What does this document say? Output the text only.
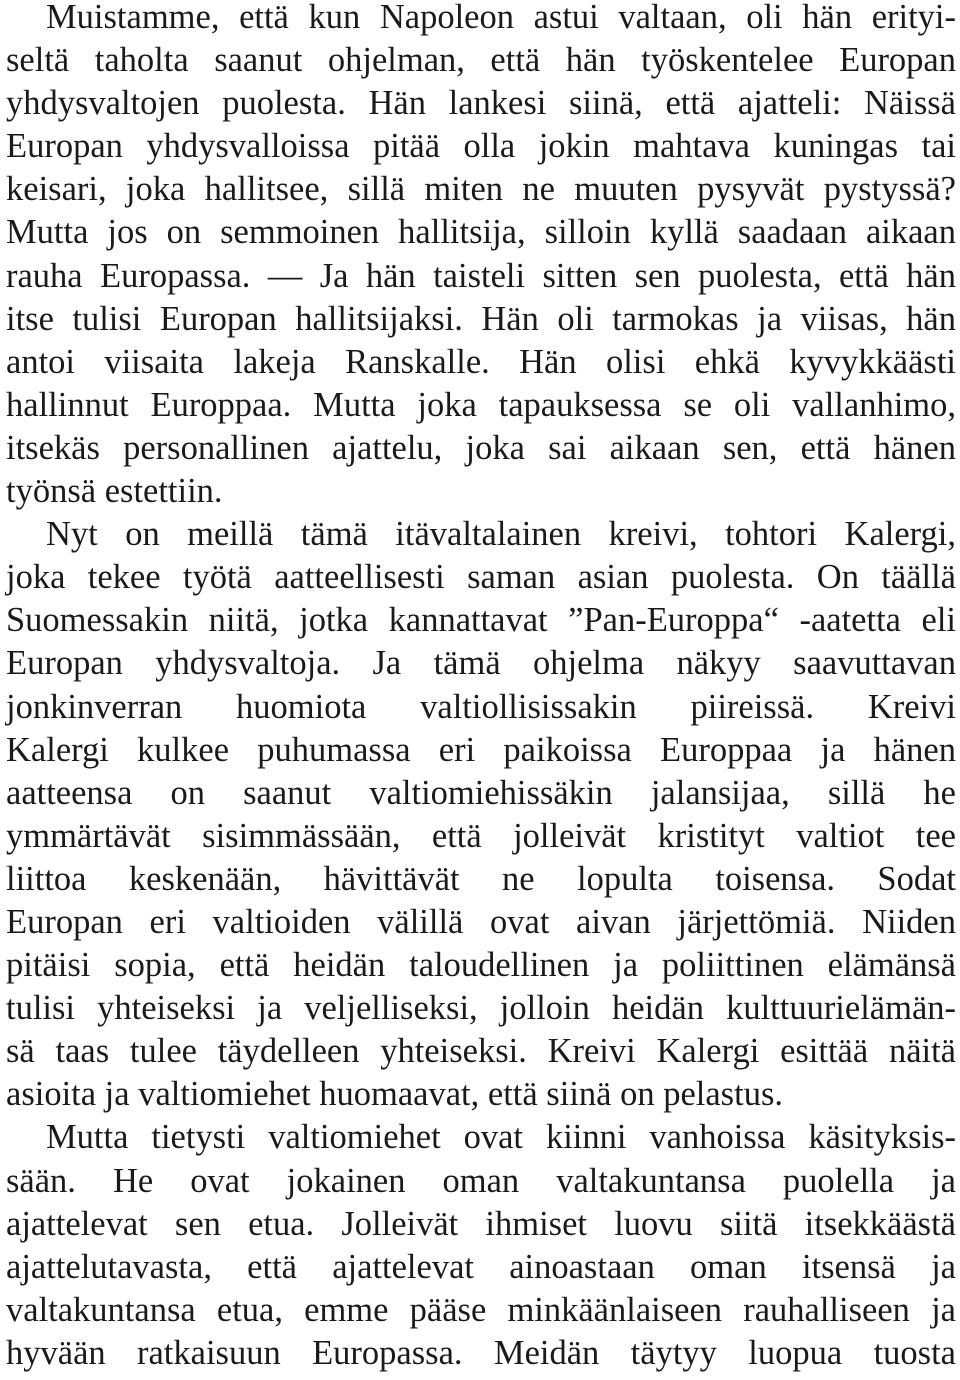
Muistamme, että kun Napoleon astui valtaan, oli hän erityi-
seltä taholta saanut ohjelman, että hän työskentelee Europan
yhdysvaltojen puolesta. Hän lankesi siinä, että ajatteli: Näissä
Europan yhdysvalloissa pitää olla jokin mahtava kuningas tai
keisari, joka hallitsee, sillä miten ne muuten pysyvät pystyssä?
Mutta jos on semmoinen hallitsija, silloin kyllä saadaan aikaan
rauha Europassa. — Ja hän taisteli sitten sen puolesta, että hän
itse tulisi Europan hallitsijaksi. Hän oli tarmokas ja viisas, hän
antoi viisaita lakeja Ranskalle. Hän olisi ehkä kyvykkäästi
hallinnut Europpaa. Mutta joka tapauksessa se oli vallanhimo,
itsekäs personallinen ajattelu, joka sai aikaan sen, että hänen
työnsä estettiin.
Nyt on meillä tämä itävaltalainen kreivi, tohtori Kalergi,
joka tekee työtä aatteellisesti saman asian puolesta. On täällä
Suomessakin niitä, jotka kannattavat ”Pan-Europpa“ -aatetta eli
Europan yhdysvaltoja. Ja tämä ohjelma näkyy saavuttavan
jonkinverran huomiota valtiollisissakin piireissä. Kreivi
Kalergi kulkee puhumassa eri paikoissa Europpaa ja hänen
aatteensa on saanut valtiomiehissäkin jalansijaa, sillä he
ymmärtävät sisimmässään, että jolleivät kristityt valtiot tee
liittoa keskenään, hävittävät ne lopulta toisensa. Sodat
Europan eri valtioiden välillä ovat aivan järjettömiä. Niiden
pitäisi sopia, että heidän taloudellinen ja poliittinen elämänsä
tulisi yhteiseksi ja veljelliseksi, jolloin heidän kulttuurielämän-
sä taas tulee täydelleen yhteiseksi. Kreivi Kalergi esittää näitä
asioita ja valtiomiehet huomaavat, että siinä on pelastus.
Mutta tietysti valtiomiehet ovat kiinni vanhoissa käsityksis-
sään. He ovat jokainen oman valtakuntansa puolella ja
ajattelevat sen etua. Jolleivät ihmiset luovu siitä itsekkäästä
ajattelutavasta, että ajattelevat ainoastaan oman itsensä ja
valtakuntansa etua, emme pääse minkäänlaiseen rauhalliseen ja
hyvään ratkaisuun Europassa. Meidän täytyy luopua tuosta
